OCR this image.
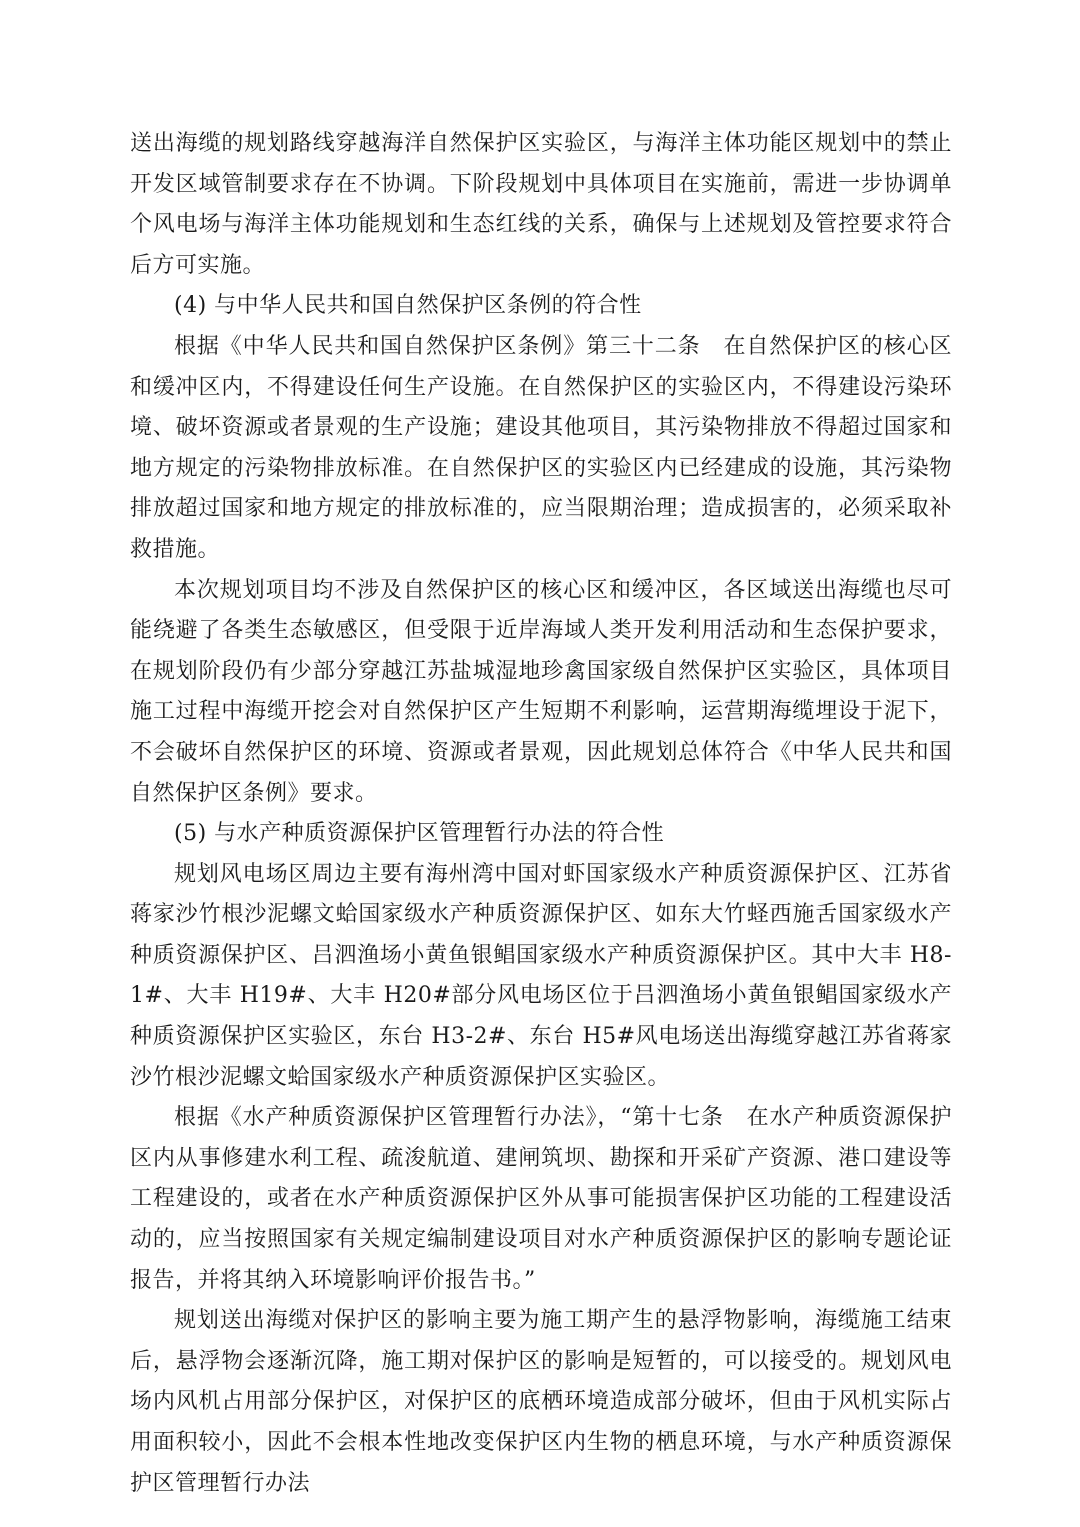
送出海缆的规划路线穿越海洋自然保护区实验区，与海洋主体功能区规划中的禁止开发区域管制要求存在不协调。下阶段规划中具体项目在实施前，需进一步协调单个风电场与海洋主体功能规划和生态红线的关系，确保与上述规划及管控要求符合后方可实施。

(4) 与中华人民共和国自然保护区条例的符合性

根据《中华人民共和国自然保护区条例》第三十二条　在自然保护区的核心区和缓冲区内，不得建设任何生产设施。在自然保护区的实验区内，不得建设污染环境、破坏资源或者景观的生产设施；建设其他项目，其污染物排放不得超过国家和地方规定的污染物排放标准。在自然保护区的实验区内已经建成的设施，其污染物排放超过国家和地方规定的排放标准的，应当限期治理；造成损害的，必须采取补救措施。

本次规划项目均不涉及自然保护区的核心区和缓冲区，各区域送出海缆也尽可能绕避了各类生态敏感区，但受限于近岸海域人类开发利用活动和生态保护要求，在规划阶段仍有少部分穿越江苏盐城湿地珍禽国家级自然保护区实验区，具体项目施工过程中海缆开挖会对自然保护区产生短期不利影响，运营期海缆埋设于泥下，不会破坏自然保护区的环境、资源或者景观，因此规划总体符合《中华人民共和国自然保护区条例》要求。

(5) 与水产种质资源保护区管理暂行办法的符合性

规划风电场区周边主要有海州湾中国对虾国家级水产种质资源保护区、江苏省蒋家沙竹根沙泥螺文蛤国家级水产种质资源保护区、如东大竹蛏西施舌国家级水产种质资源保护区、吕泗渔场小黄鱼银鲳国家级水产种质资源保护区。其中大丰 H8-1#、大丰 H19#、大丰 H20#部分风电场区位于吕泗渔场小黄鱼银鲳国家级水产种质资源保护区实验区，东台 H3-2#、东台 H5#风电场送出海缆穿越江苏省蒋家沙竹根沙泥螺文蛤国家级水产种质资源保护区实验区。

根据《水产种质资源保护区管理暂行办法》，“第十七条　在水产种质资源保护区内从事修建水利工程、疏浚航道、建闸筑坝、勘探和开采矿产资源、港口建设等工程建设的，或者在水产种质资源保护区外从事可能损害保护区功能的工程建设活动的，应当按照国家有关规定编制建设项目对水产种质资源保护区的影响专题论证报告，并将其纳入环境影响评价报告书。”

规划送出海缆对保护区的影响主要为施工期产生的悬浮物影响，海缆施工结束后，悬浮物会逐渐沉降，施工期对保护区的影响是短暂的，可以接受的。规划风电场内风机占用部分保护区，对保护区的底栖环境造成部分破坏，但由于风机实际占用面积较小，因此不会根本性地改变保护区内生物的栖息环境，与水产种质资源保护区管理暂行办法
